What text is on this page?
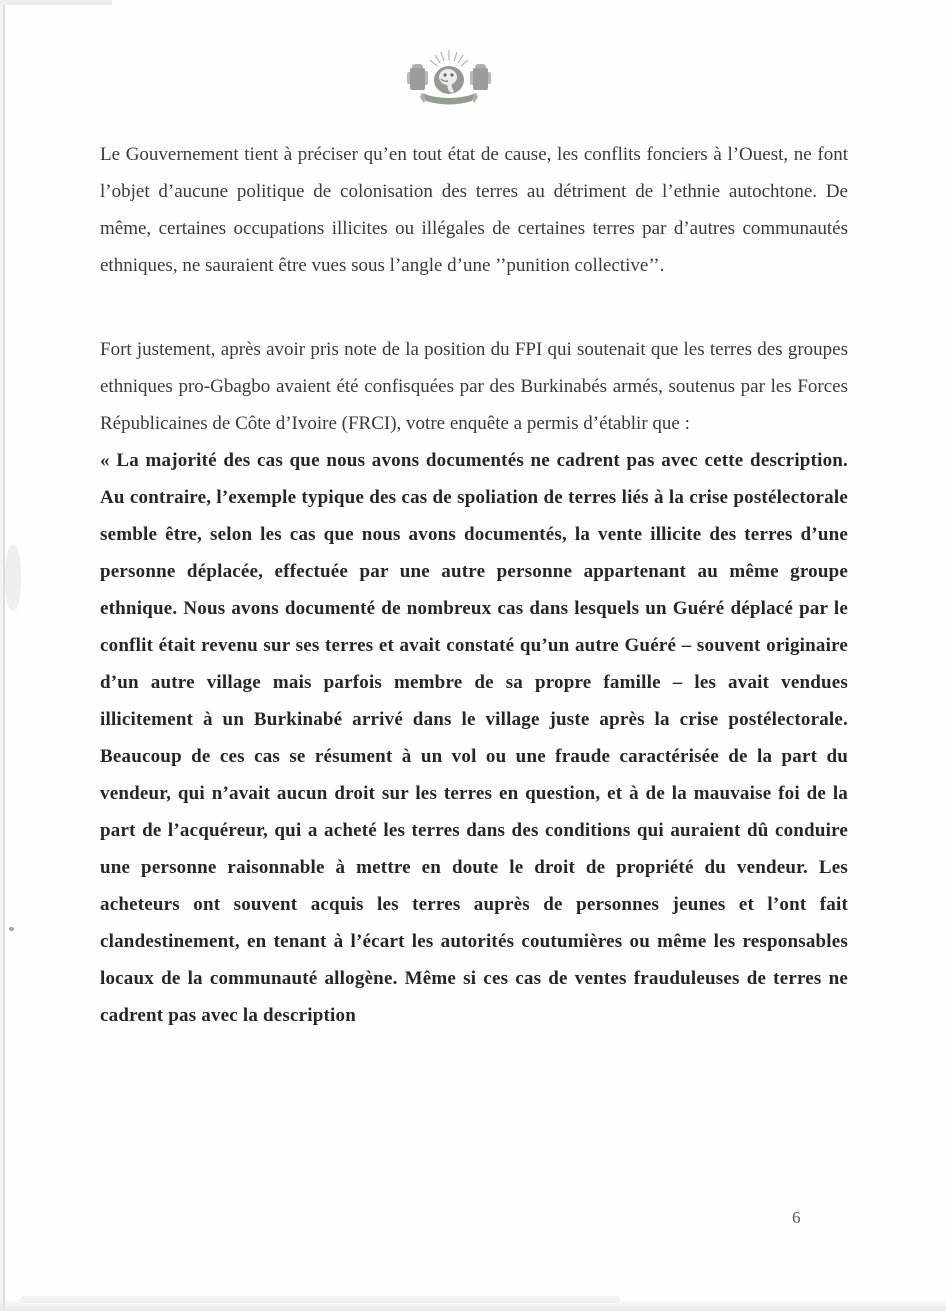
Le Gouvernement tient à préciser qu’en tout état de cause, les conflits fonciers à l’Ouest, ne font l’objet d’aucune politique de colonisation des terres au détriment de l’ethnie autochtone. De même, certaines occupations illicites ou illégales de certaines terres par d’autres communautés ethniques, ne sauraient être vues sous l’angle d’une ’’punition collective’’.

Fort justement, après avoir pris note de la position du FPI qui soutenait que les terres des groupes ethniques pro-Gbagbo avaient été confisquées par des Burkinabés armés, soutenus par les Forces Républicaines de Côte d’Ivoire (FRCI), votre enquête a permis d’établir que :

« La majorité des cas que nous avons documentés ne cadrent pas avec cette description. Au contraire, l’exemple typique des cas de spoliation de terres liés à la crise postélectorale semble être, selon les cas que nous avons documentés, la vente illicite des terres d’une personne déplacée, effectuée par une autre personne appartenant au même groupe ethnique. Nous avons documenté de nombreux cas dans lesquels un Guéré déplacé par le conflit était revenu sur ses terres et avait constaté qu’un autre Guéré – souvent originaire d’un autre village mais parfois membre de sa propre famille – les avait vendues illicitement à un Burkinabé arrivé dans le village juste après la crise postélectorale. Beaucoup de ces cas se résument à un vol ou une fraude caractérisée de la part du vendeur, qui n’avait aucun droit sur les terres en question, et à de la mauvaise foi de la part de l’acquéreur, qui a acheté les terres dans des conditions qui auraient dû conduire une personne raisonnable à mettre en doute le droit de propriété du vendeur. Les acheteurs ont souvent acquis les terres auprès de personnes jeunes et l’ont fait clandestinement, en tenant à l’écart les autorités coutumières ou même les responsables locaux de la communauté allogène. Même si ces cas de ventes frauduleuses de terres ne cadrent pas avec la description

6
